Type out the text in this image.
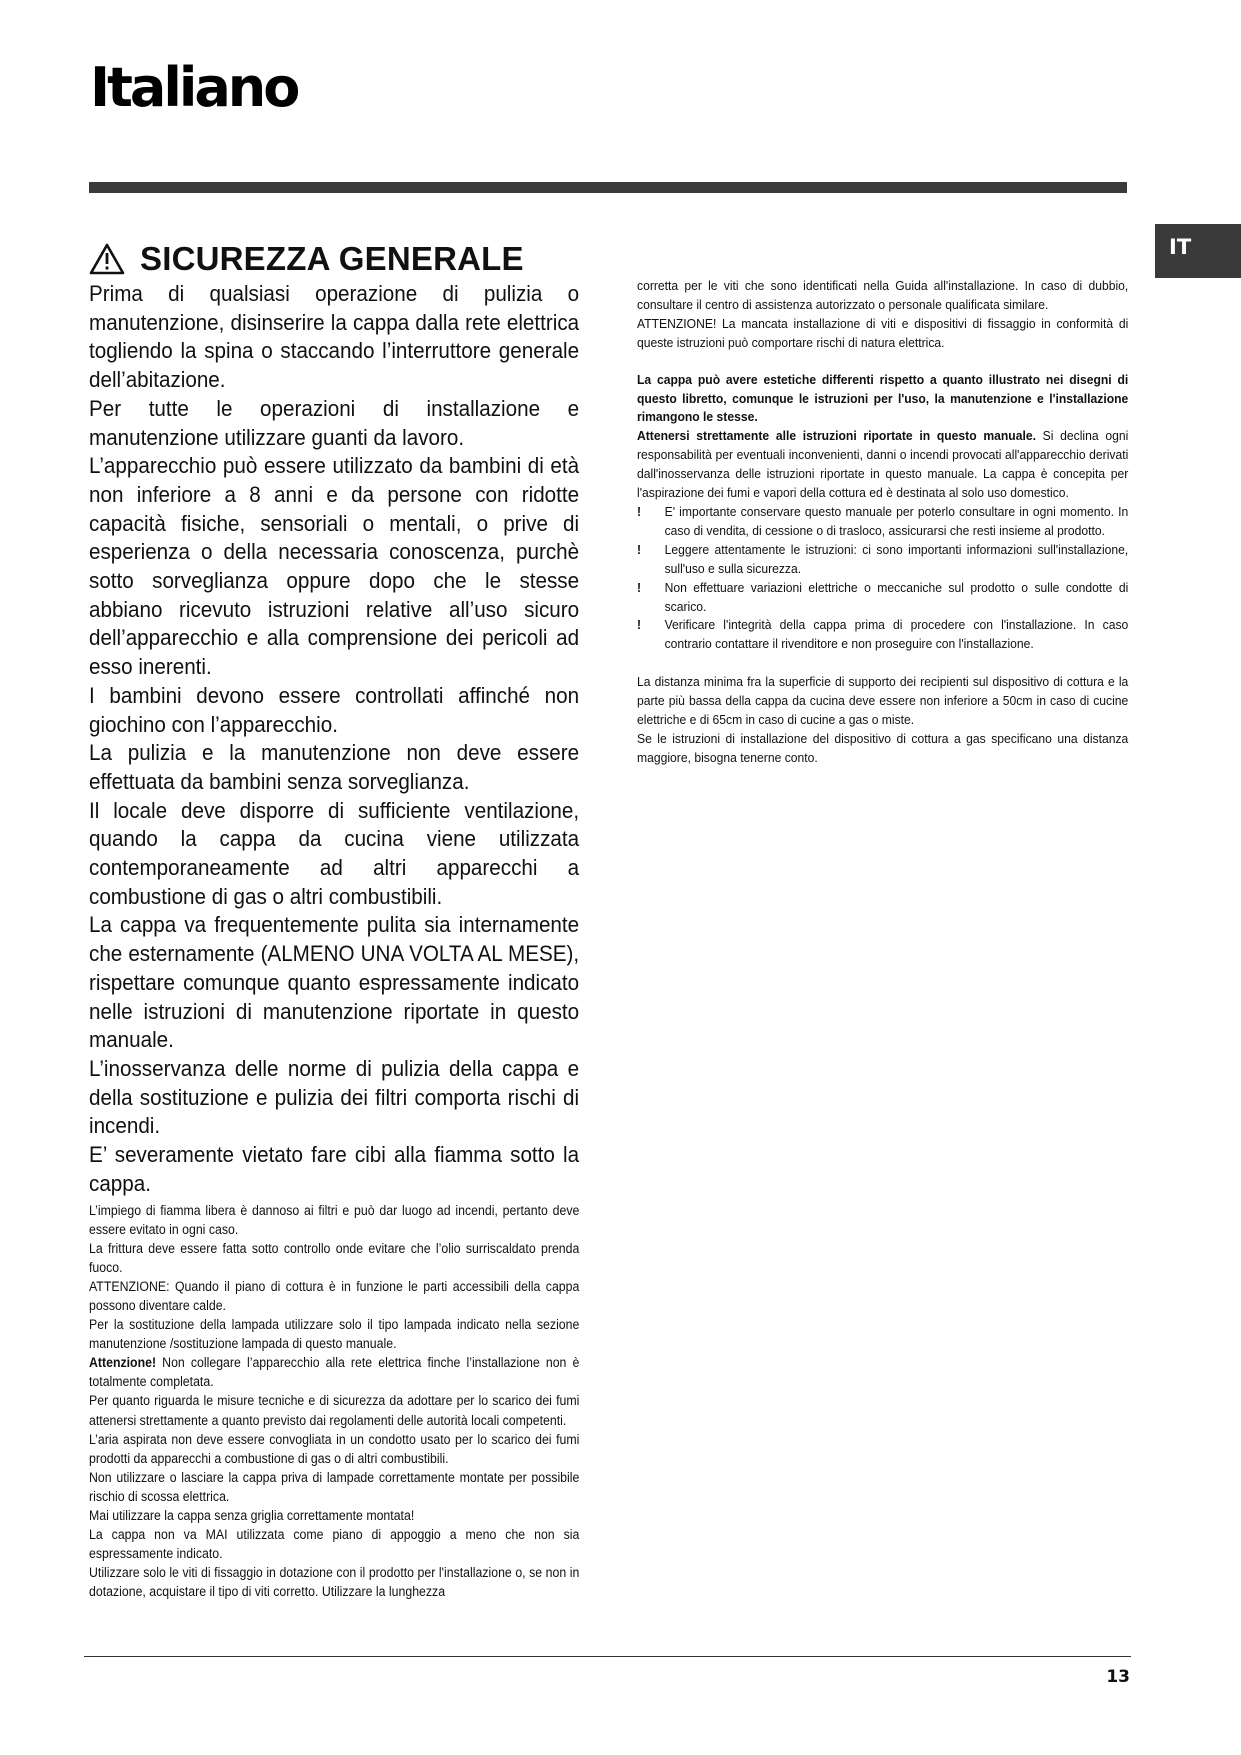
Italiano
IT
SICUREZZA GENERALE

Prima di qualsiasi operazione di pulizia o manutenzione, disinserire la cappa dalla rete elettrica togliendo la spina o staccando l’interruttore generale dell’abitazione.

Per tutte le operazioni di installazione e manutenzione utilizzare guanti da lavoro.

L’apparecchio può essere utilizzato da bambini di età non inferiore a 8 anni e da persone con ridotte capacità fisiche, sensoriali o mentali, o prive di esperienza o della necessaria conoscenza, purchè sotto sorveglianza oppure dopo che le stesse abbiano ricevuto istruzioni relative all’uso sicuro dell’apparecchio e alla comprensione dei pericoli ad esso inerenti.

I bambini devono essere controllati affinché non giochino con l’apparecchio.

La pulizia e la manutenzione non deve essere effettuata da bambini senza sorveglianza.

Il locale deve disporre di sufficiente ventilazione, quando la cappa da cucina viene utilizzata contemporaneamente ad altri apparecchi a combustione di gas o altri combustibili.

La cappa va frequentemente pulita sia internamente che esternamente (ALMENO UNA VOLTA AL MESE), rispettare comunque quanto espressamente indicato nelle istruzioni di manutenzione riportate in questo manuale.

L’inosservanza delle norme di pulizia della cappa e della sostituzione e pulizia dei filtri comporta rischi di incendi.

E’ severamente vietato fare cibi alla fiamma sotto la cappa.

L’impiego di fiamma libera è dannoso ai filtri e può dar luogo ad incendi, pertanto deve essere evitato in ogni caso.

La frittura deve essere fatta sotto controllo onde evitare che l’olio surriscaldato prenda fuoco.

ATTENZIONE: Quando il piano di cottura è in funzione le parti accessibili della cappa possono diventare calde.

Per la sostituzione della lampada utilizzare solo il tipo lampada indicato nella sezione manutenzione /sostituzione lampada di questo manuale.

Attenzione! Non collegare l’apparecchio alla rete elettrica finche l’installazione non è totalmente completata.

Per quanto riguarda le misure tecniche e di sicurezza da adottare per lo scarico dei fumi attenersi strettamente a quanto previsto dai regolamenti delle autorità locali competenti.

L’aria aspirata non deve essere convogliata in un condotto usato per lo scarico dei fumi prodotti da apparecchi a combustione di gas o di altri combustibili.

Non utilizzare o lasciare la cappa priva di lampade correttamente montate per possibile rischio di scossa elettrica.

Mai utilizzare la cappa senza griglia correttamente montata!

La cappa non va MAI utilizzata come piano di appoggio a meno che non sia espressamente indicato.

Utilizzare solo le viti di fissaggio in dotazione con il prodotto per l'installazione o, se non in dotazione, acquistare il tipo di viti corretto. Utilizzare la lunghezza

corretta per le viti che sono identificati nella Guida all'installazione. In caso di dubbio, consultare il centro di assistenza autorizzato o personale qualificata similare.

ATTENZIONE! La mancata installazione di viti e dispositivi di fissaggio in conformità di queste istruzioni può comportare rischi di natura elettrica.

La cappa può avere estetiche differenti rispetto a quanto illustrato nei disegni di questo libretto, comunque le istruzioni per l'uso, la manutenzione e l'installazione rimangono le stesse.

Attenersi strettamente alle istruzioni riportate in questo manuale. Si declina ogni responsabilità per eventuali inconvenienti, danni o incendi provocati all'apparecchio derivati dall'inosservanza delle istruzioni riportate in questo manuale. La cappa è concepita per l'aspirazione dei fumi e vapori della cottura ed è destinata al solo uso domestico.

!	E' importante conservare questo manuale per poterlo consultare in ogni momento. In caso di vendita, di cessione o di trasloco, assicurarsi che resti insieme al prodotto.
!	Leggere attentamente le istruzioni: ci sono importanti informazioni sull'installazione, sull'uso e sulla sicurezza.
!	Non effettuare variazioni elettriche o meccaniche sul prodotto o sulle condotte di scarico.
!	Verificare l'integrità della cappa prima di procedere con l'installazione. In caso contrario contattare il rivenditore e non proseguire con l'installazione.

La distanza minima fra la superficie di supporto dei recipienti sul dispositivo di cottura e la parte più bassa della cappa da cucina deve essere non inferiore a 50cm in caso di cucine elettriche e di 65cm in caso di cucine a gas o miste.

Se le istruzioni di installazione del dispositivo di cottura a gas specificano una distanza maggiore, bisogna tenerne conto.

13
